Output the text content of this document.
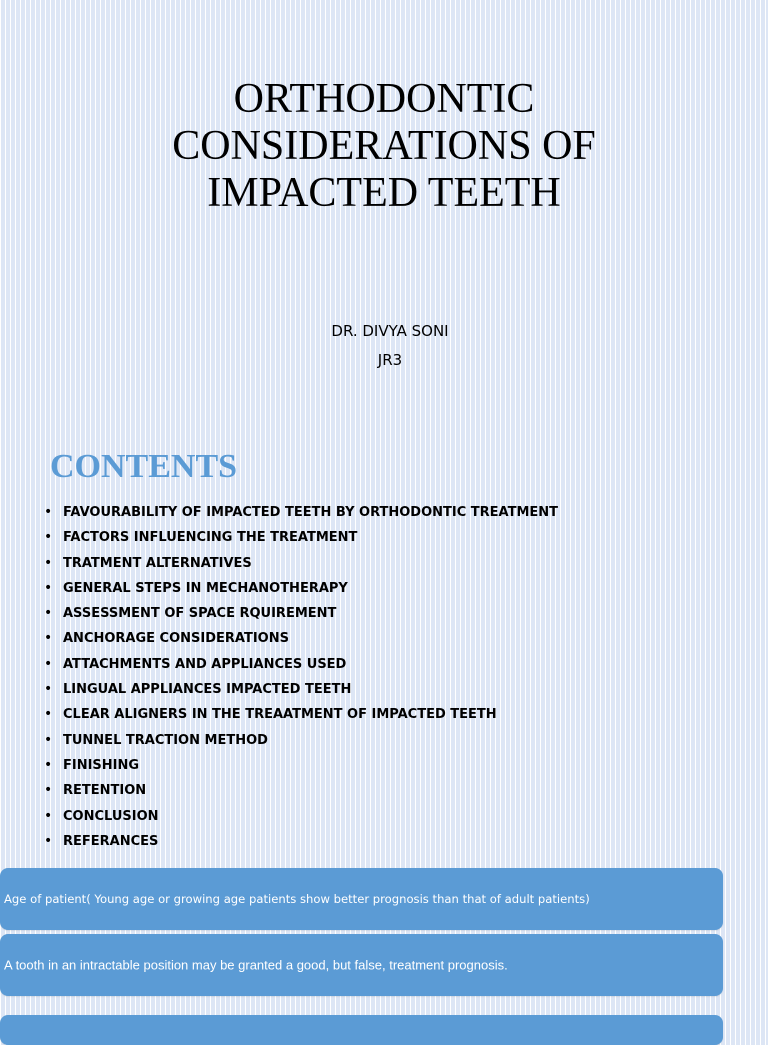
ORTHODONTIC
CONSIDERATIONS OF
IMPACTED TEETH
DR. DIVYA SONI
JR3
CONTENTS
• FAVOURABILITY OF IMPACTED TEETH BY ORTHODONTIC TREATMENT
• FACTORS INFLUENCING THE TREATMENT
• TRATMENT ALTERNATIVES
• GENERAL STEPS IN MECHANOTHERAPY
• ASSESSMENT OF SPACE RQUIREMENT
• ANCHORAGE CONSIDERATIONS
• ATTACHMENTS AND APPLIANCES USED
• LINGUAL APPLIANCES IMPACTED TEETH
• CLEAR ALIGNERS IN THE TREAATMENT OF IMPACTED TEETH
• TUNNEL TRACTION METHOD
• FINISHING
• RETENTION
• CONCLUSION
• REFERANCES
Age of patient( Young age or growing age patients show better prognosis than that of adult patients)
A tooth in an intractable position may be granted a good, but false, treatment prognosis.
